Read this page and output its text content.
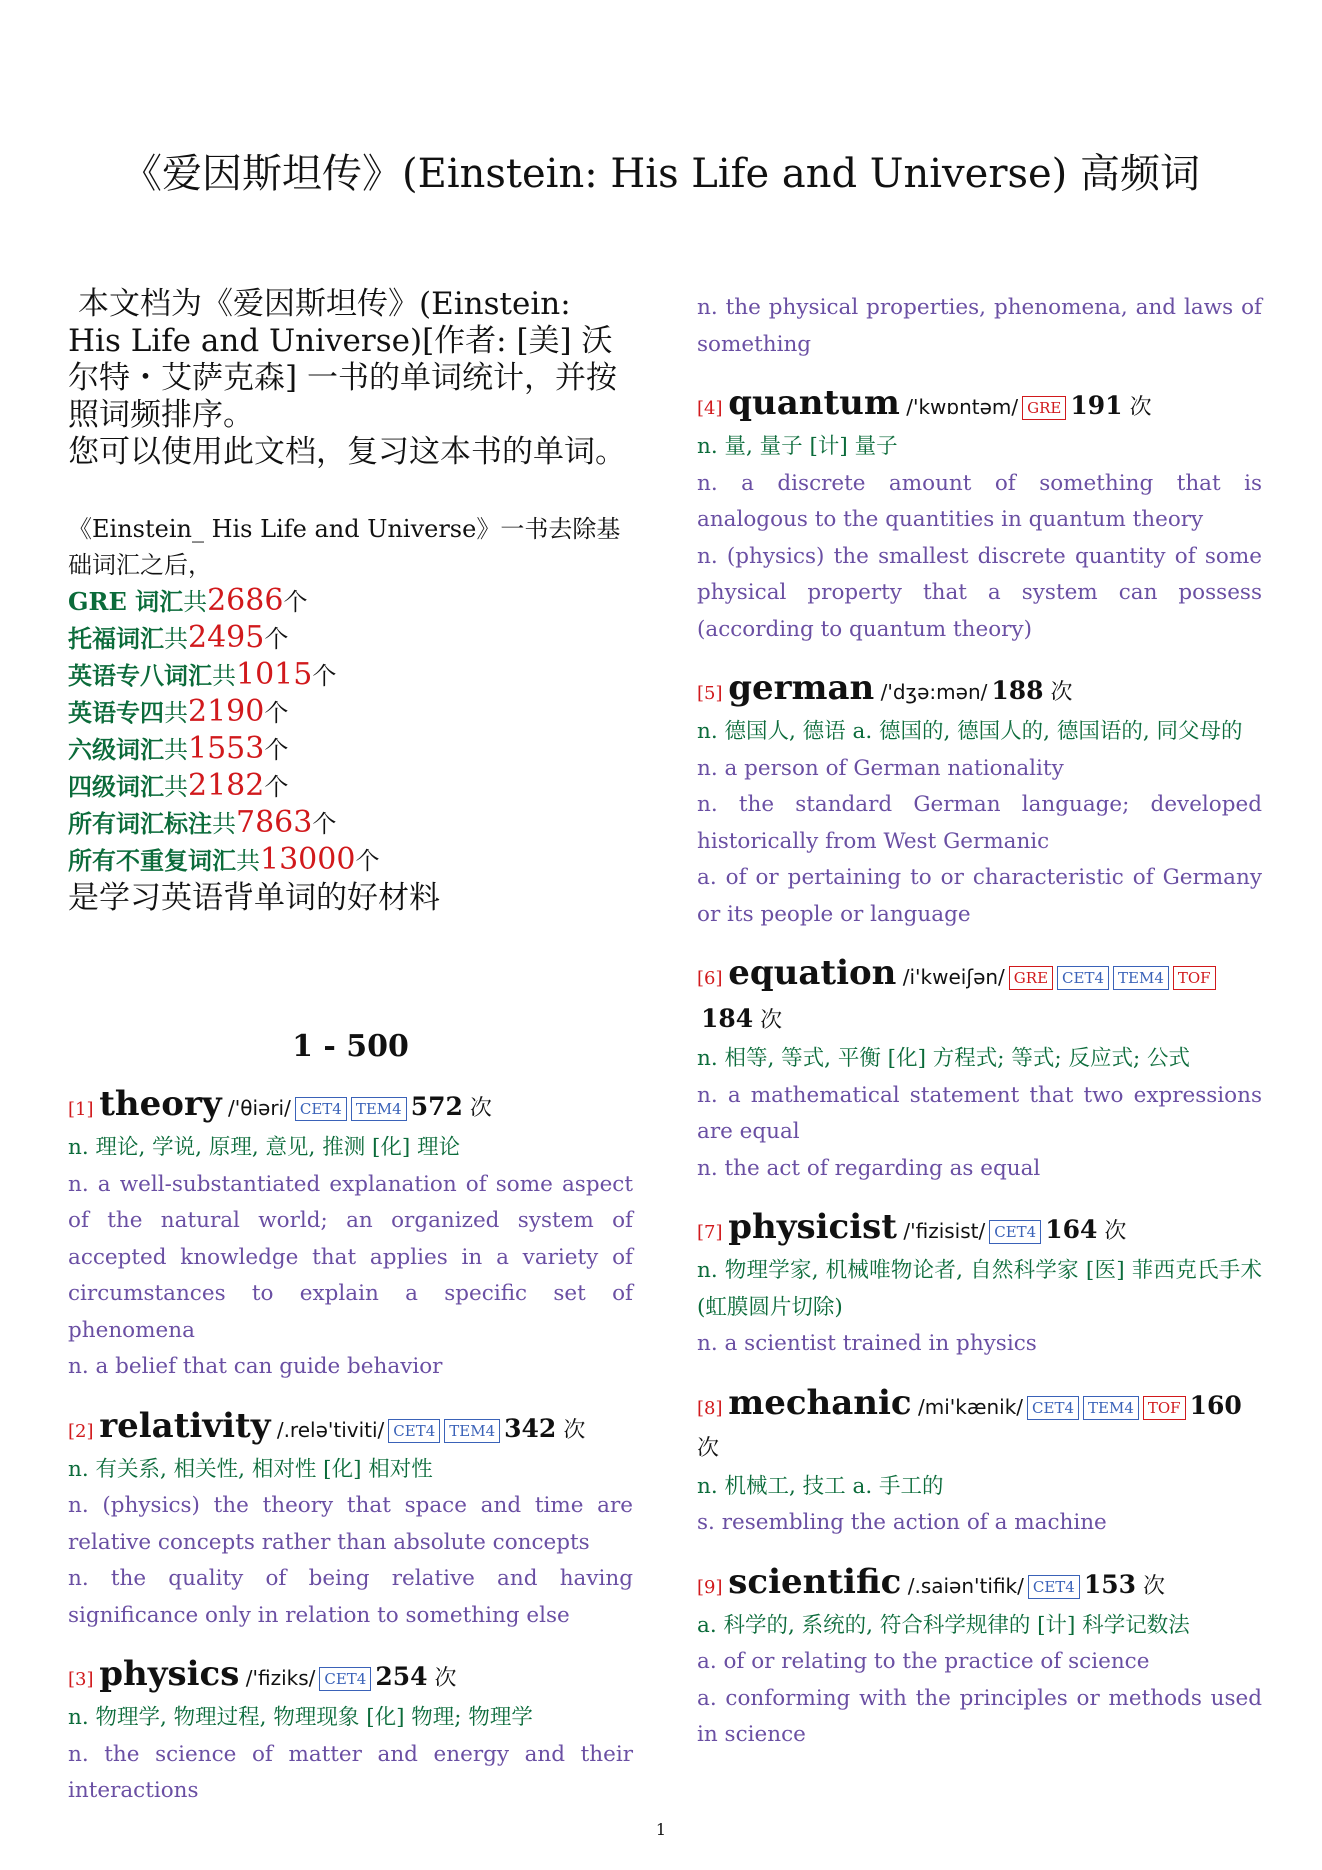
《爱因斯坦传》(Einstein: His Life and Universe) 高频词

本文档为《爱因斯坦传》(Einstein: His Life and Universe)[作者: [美] 沃尔特・艾萨克森] 一书的单词统计，并按照词频排序。

您可以使用此文档，复习这本书的单词。

《Einstein_ His Life and Universe》一书去除基础词汇之后，
GRE 词汇共2686个
托福词汇共2495个
英语专八词汇共1015个
英语专四共2190个
六级词汇共1553个
四级词汇共2182个
所有词汇标注共7863个
所有不重复词汇共13000个
是学习英语背单词的好材料
1 - 500
[1] theory /'θiəri/ CET4 TEM4 572 次
n. 理论, 学说, 原理, 意见, 推测 [化] 理论
n. a well-substantiated explanation of some aspect of the natural world; an organized system of accepted knowledge that applies in a variety of circumstances to explain a specific set of phenomena
n. a belief that can guide behavior
[2] relativity /.relə'tiviti/ CET4 TEM4 342 次
n. 有关系, 相关性, 相对性 [化] 相对性
n. (physics) the theory that space and time are relative concepts rather than absolute concepts
n. the quality of being relative and having significance only in relation to something else
[3] physics /'fiziks/ CET4 254 次
n. 物理学, 物理过程, 物理现象 [化] 物理; 物理学
n. the science of matter and energy and their interactions
n. the physical properties, phenomena, and laws of something
[4] quantum /'kwɒntəm/ GRE 191 次
n. 量, 量子 [计] 量子
n. a discrete amount of something that is analogous to the quantities in quantum theory
n. (physics) the smallest discrete quantity of some physical property that a system can possess (according to quantum theory)
[5] german /'dʒə:mən/ 188 次
n. 德国人, 德语 a. 德国的, 德国人的, 德国语的, 同父母的
n. a person of German nationality
n. the standard German language; developed historically from West Germanic
a. of or pertaining to or characteristic of Germany or its people or language
[6] equation /i'kweiʃən/ GRE CET4 TEM4 TOF184 次
n. 相等, 等式, 平衡 [化] 方程式; 等式; 反应式; 公式
n. a mathematical statement that two expressions are equal
n. the act of regarding as equal
[7] physicist /'fizisist/ CET4 164 次
n. 物理学家, 机械唯物论者, 自然科学家 [医] 菲西克氏手术 (虹膜圆片切除)
n. a scientist trained in physics
[8] mechanic /mi'kænik/ CET4 TEM4 TOF 160 次
n. 机械工, 技工 a. 手工的
s. resembling the action of a machine
[9] scientific /.saiən'tifik/ CET4 153 次
a. 科学的, 系统的, 符合科学规律的 [计] 科学记数法
a. of or relating to the practice of science
a. conforming with the principles or methods used in science
1
